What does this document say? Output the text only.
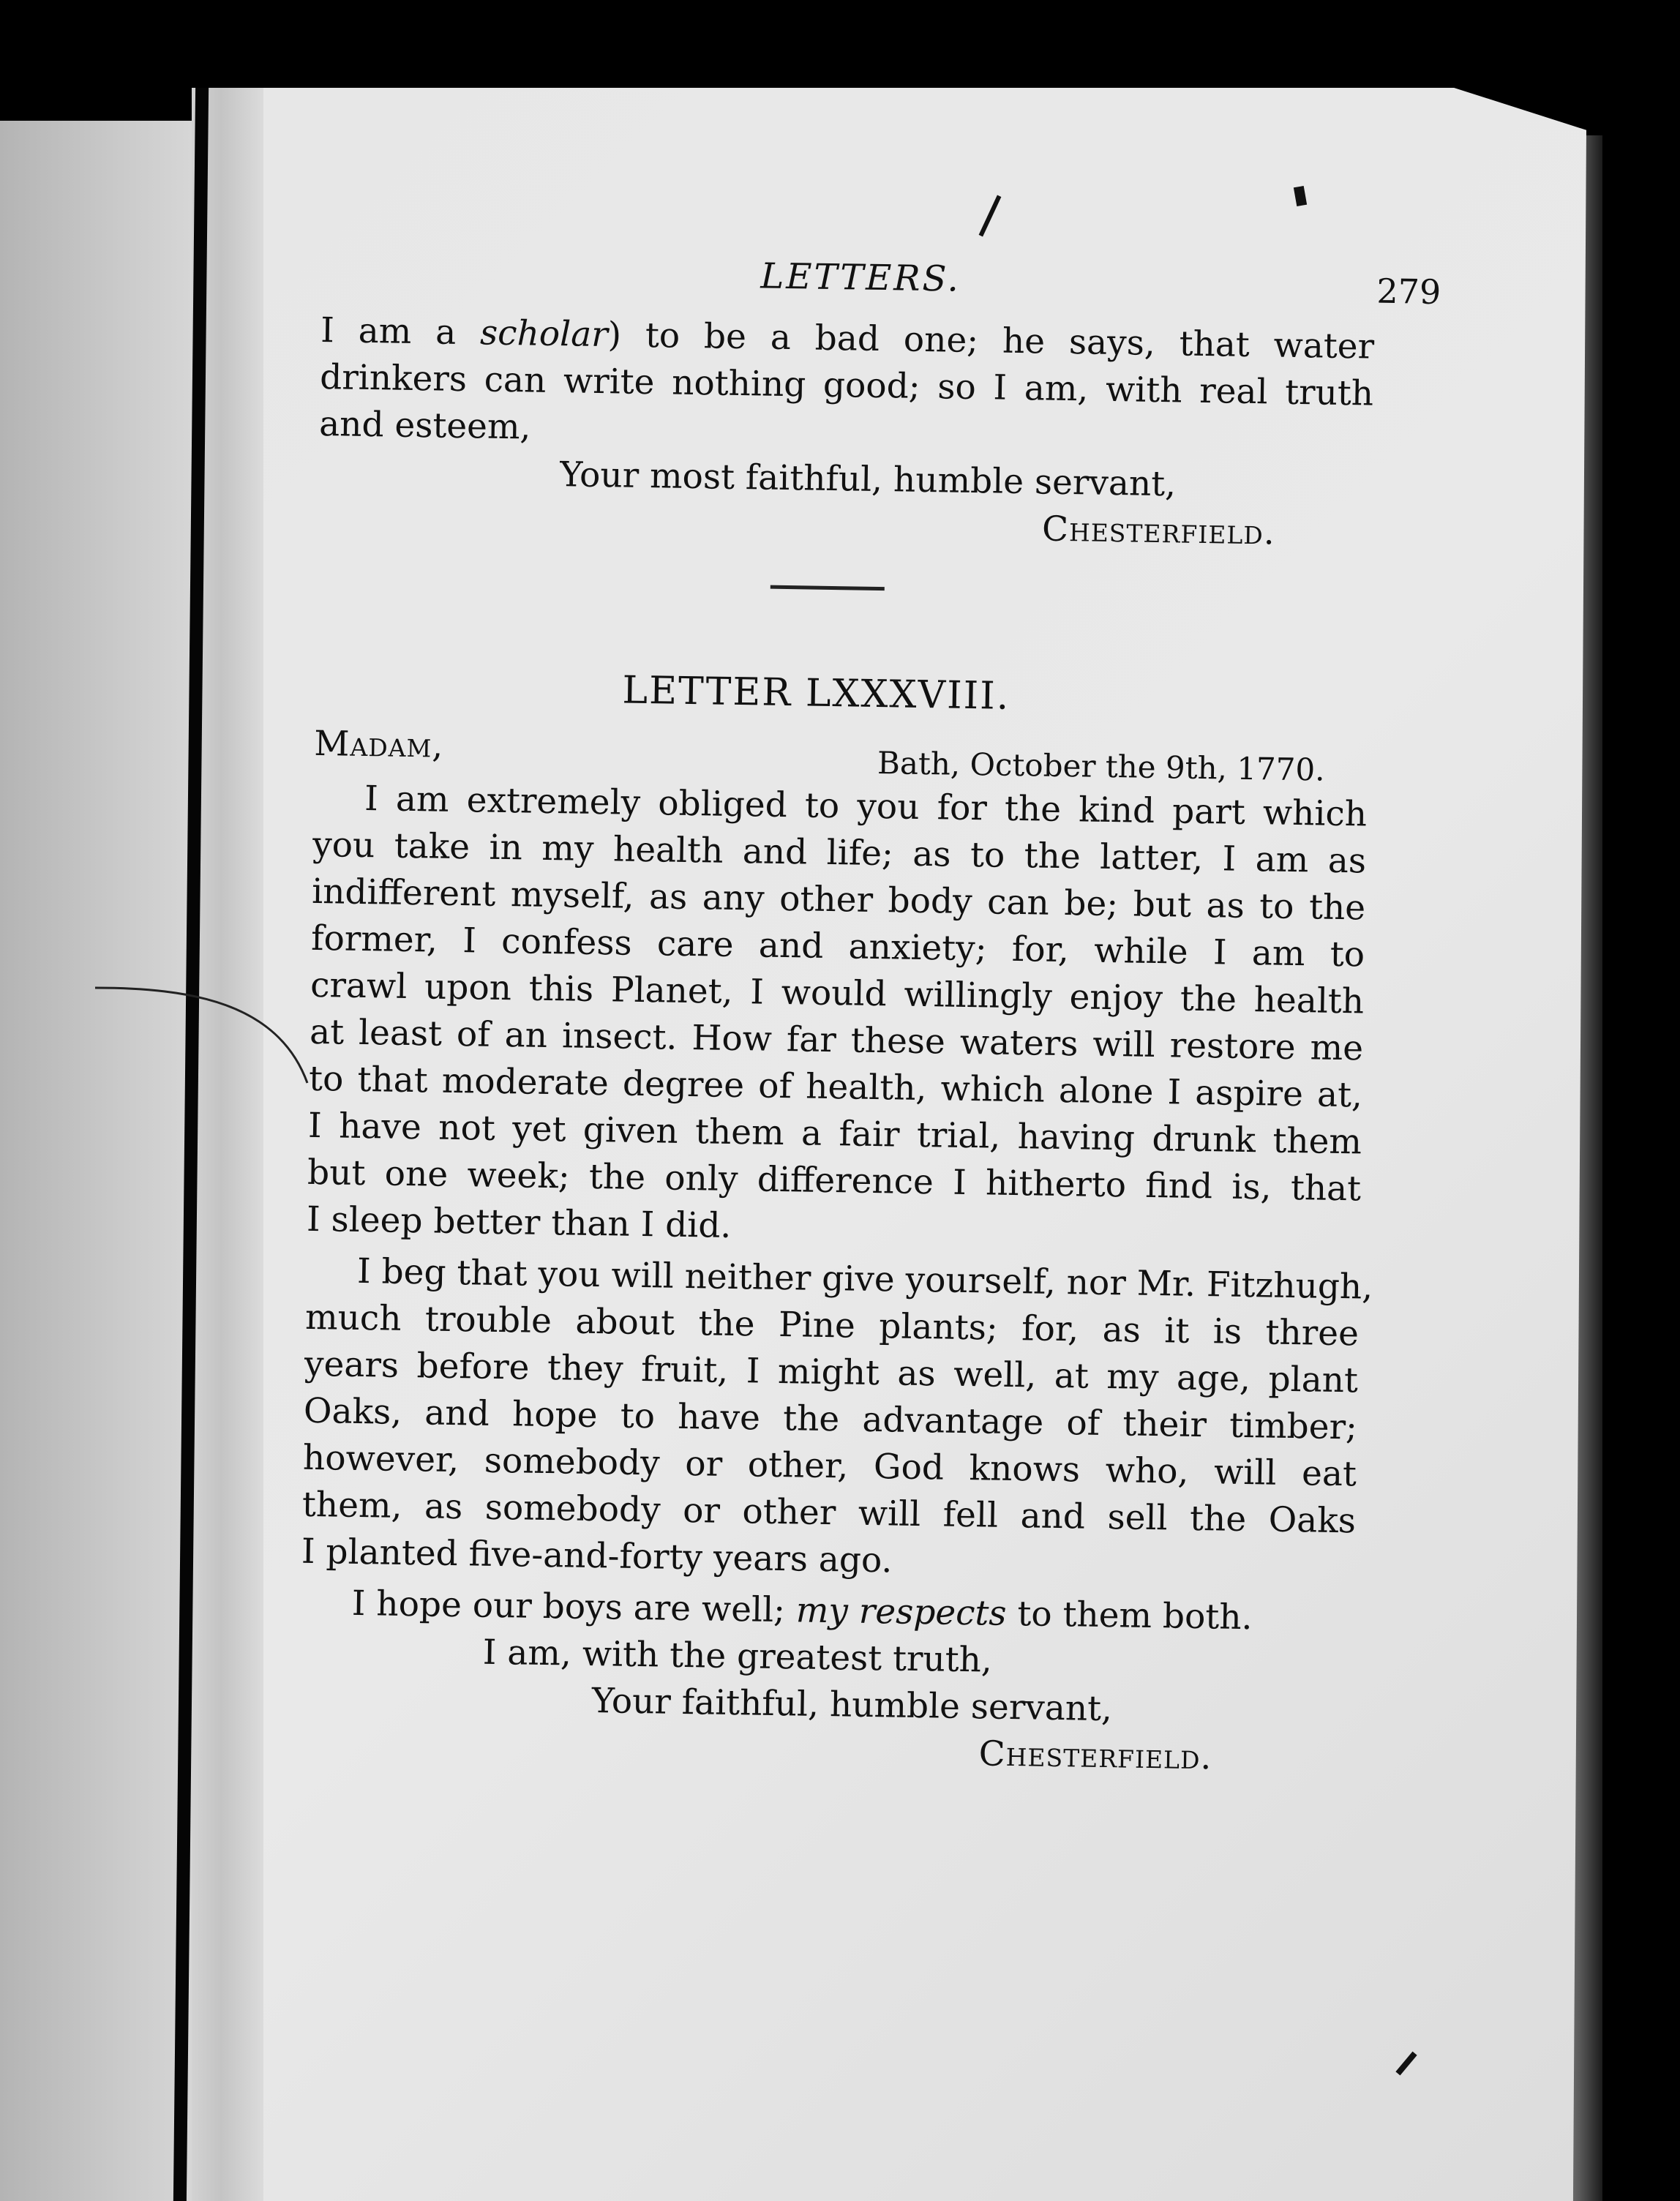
LETTERS.	279
I am a scholar) to be a bad one; he says, that water
drinkers can write nothing good; so I am, with real truth
and esteem,
Your most faithful, humble servant,
Chesterfield.
LETTER LXXXVIII.
Madam,
Bath, October the 9th, 1770.
I am extremely obliged to you for the kind part which
you take in my health and life; as to the latter, I am as
indifferent myself, as any other body can be; but as to the
former, I confess care and anxiety; for, while I am to
crawl upon this Planet, I would willingly enjoy the health
at least of an insect. How far these waters will restore me
to that moderate degree of health, which alone I aspire at,
I have not yet given them a fair trial, having drunk them
but one week; the only difference I hitherto find is, that
I sleep better than I did.
I beg that you will neither give yourself, nor Mr. Fitzhugh,
much trouble about the Pine plants; for, as it is three
years before they fruit, I might as well, at my age, plant
Oaks, and hope to have the advantage of their timber;
however, somebody or other, God knows who, will eat
them, as somebody or other will fell and sell the Oaks
I planted five-and-forty years ago.
I hope our boys are well; my respects to them both.
I am, with the greatest truth,
Your faithful, humble servant,
Chesterfield.
